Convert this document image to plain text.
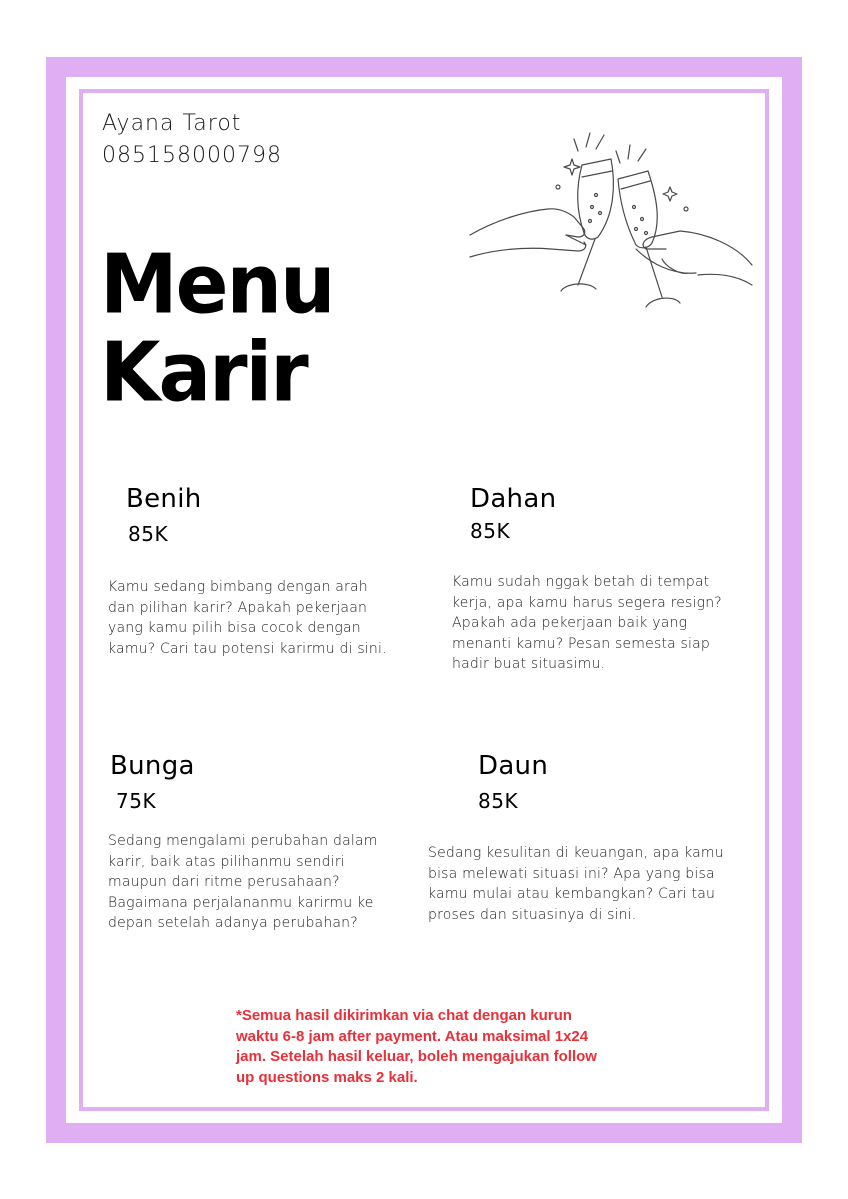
Ayana Tarot
085158000798
Menu
Karir
Benih
85K
Kamu sedang bimbang dengan arah
dan pilihan karir? Apakah pekerjaan
yang kamu pilih bisa cocok dengan
kamu? Cari tau potensi karirmu di sini.
Dahan
85K
Kamu sudah nggak betah di tempat
kerja, apa kamu harus segera resign?
Apakah ada pekerjaan baik yang
menanti kamu? Pesan semesta siap
hadir buat situasimu.
Bunga
75K
Sedang mengalami perubahan dalam
karir, baik atas pilihanmu sendiri
maupun dari ritme perusahaan?
Bagaimana perjalananmu karirmu ke
depan setelah adanya perubahan?
Daun
85K
Sedang kesulitan di keuangan, apa kamu
bisa melewati situasi ini? Apa yang bisa
kamu mulai atau kembangkan? Cari tau
proses dan situasinya di sini.
*Semua hasil dikirimkan via chat dengan kurun
waktu 6-8 jam after payment. Atau maksimal 1x24
jam. Setelah hasil keluar, boleh mengajukan follow
up questions maks 2 kali.
